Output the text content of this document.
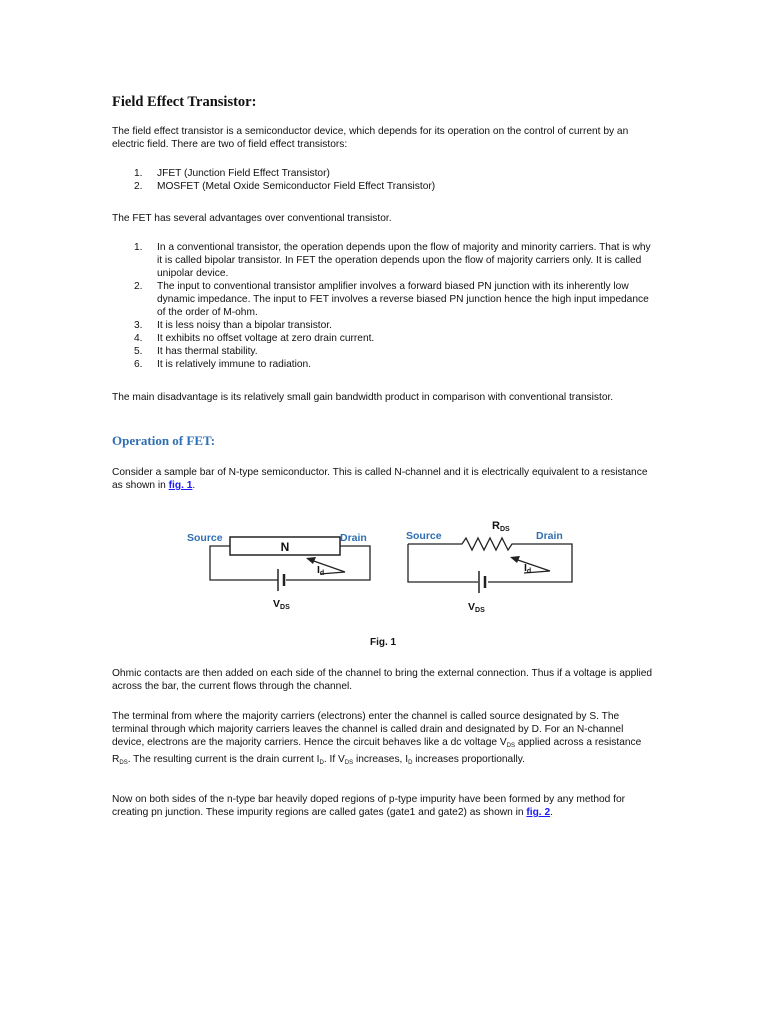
Field Effect Transistor:

The field effect transistor is a semiconductor device, which depends for its operation on the control of current by an electric field. There are two of field effect transistors:

1. JFET (Junction Field Effect Transistor)
2. MOSFET (Metal Oxide Semiconductor Field Effect Transistor)

The FET has several advantages over conventional transistor.

1. In a conventional transistor, the operation depends upon the flow of majority and minority carriers. That is why it is called bipolar transistor. In FET the operation depends upon the flow of majority carriers only. It is called unipolar device.
2. The input to conventional transistor amplifier involves a forward biased PN junction with its inherently low dynamic impedance. The input to FET involves a reverse biased PN junction hence the high input impedance of the order of M-ohm.
3. It is less noisy than a bipolar transistor.
4. It exhibits no offset voltage at zero drain current.
5. It has thermal stability.
6. It is relatively immune to radiation.

The main disadvantage is its relatively small gain bandwidth product in comparison with conventional transistor.

Operation of FET:

Consider a sample bar of N-type semiconductor. This is called N-channel and it is electrically equivalent to a resistance as shown in fig. 1.

N
Source	Drain
Id
VDS
Source	Drain
RDS
Id
VDS
Fig. 1

Ohmic contacts are then added on each side of the channel to bring the external connection. Thus if a voltage is applied across the bar, the current flows through the channel.

The terminal from where the majority carriers (electrons) enter the channel is called source designated by S. The terminal through which majority carriers leaves the channel is called drain and designated by D. For an N-channel device, electrons are the majority carriers. Hence the circuit behaves like a dc voltage $V_{DS}$ applied across a resistance $R_{DS}$. The resulting current is the drain current $I_D$. If $V_{DS}$ increases, $I_D$ increases proportionally.

Now on both sides of the n-type bar heavily doped regions of p-type impurity have been formed by any method for creating pn junction. These impurity regions are called gates (gate1 and gate2) as shown in fig. 2.
